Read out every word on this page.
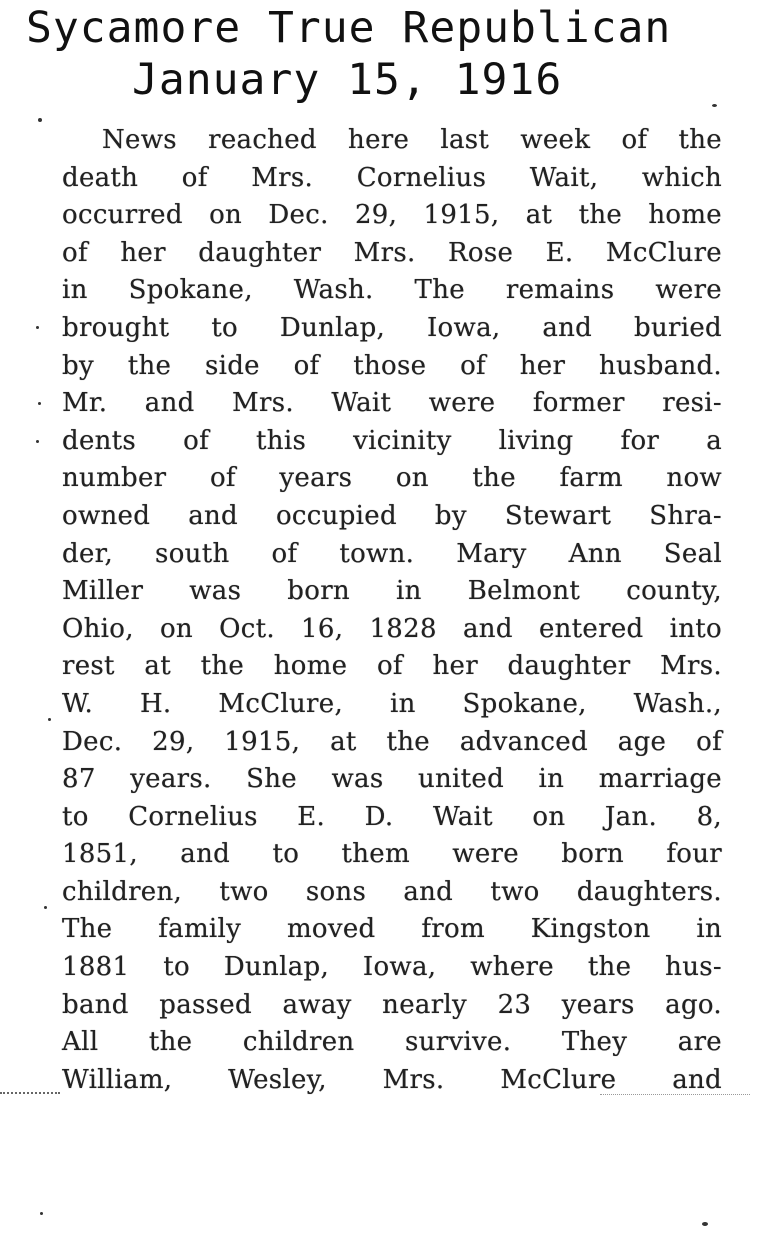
Sycamore True Republican
January 15, 1916
News reached here last week of the
death of Mrs. Cornelius Wait, which
occurred on Dec. 29, 1915, at the home
of her daughter Mrs. Rose E. McClure
in Spokane, Wash. The remains were
brought to Dunlap, Iowa, and buried
by the side of those of her husband.
Mr. and Mrs. Wait were former resi-
dents of this vicinity living for a
number of years on the farm now
owned and occupied by Stewart Shra-
der, south of town. Mary Ann Seal
Miller was born in Belmont county,
Ohio, on Oct. 16, 1828 and entered into
rest at the home of her daughter Mrs.
W. H. McClure, in Spokane, Wash.,
Dec. 29, 1915, at the advanced age of
87 years. She was united in marriage
to Cornelius E. D. Wait on Jan. 8,
1851, and to them were born four
children, two sons and two daughters.
The family moved from Kingston in
1881 to Dunlap, Iowa, where the hus-
band passed away nearly 23 years ago.
All the children survive. They are
William, Wesley, Mrs. McClure and
